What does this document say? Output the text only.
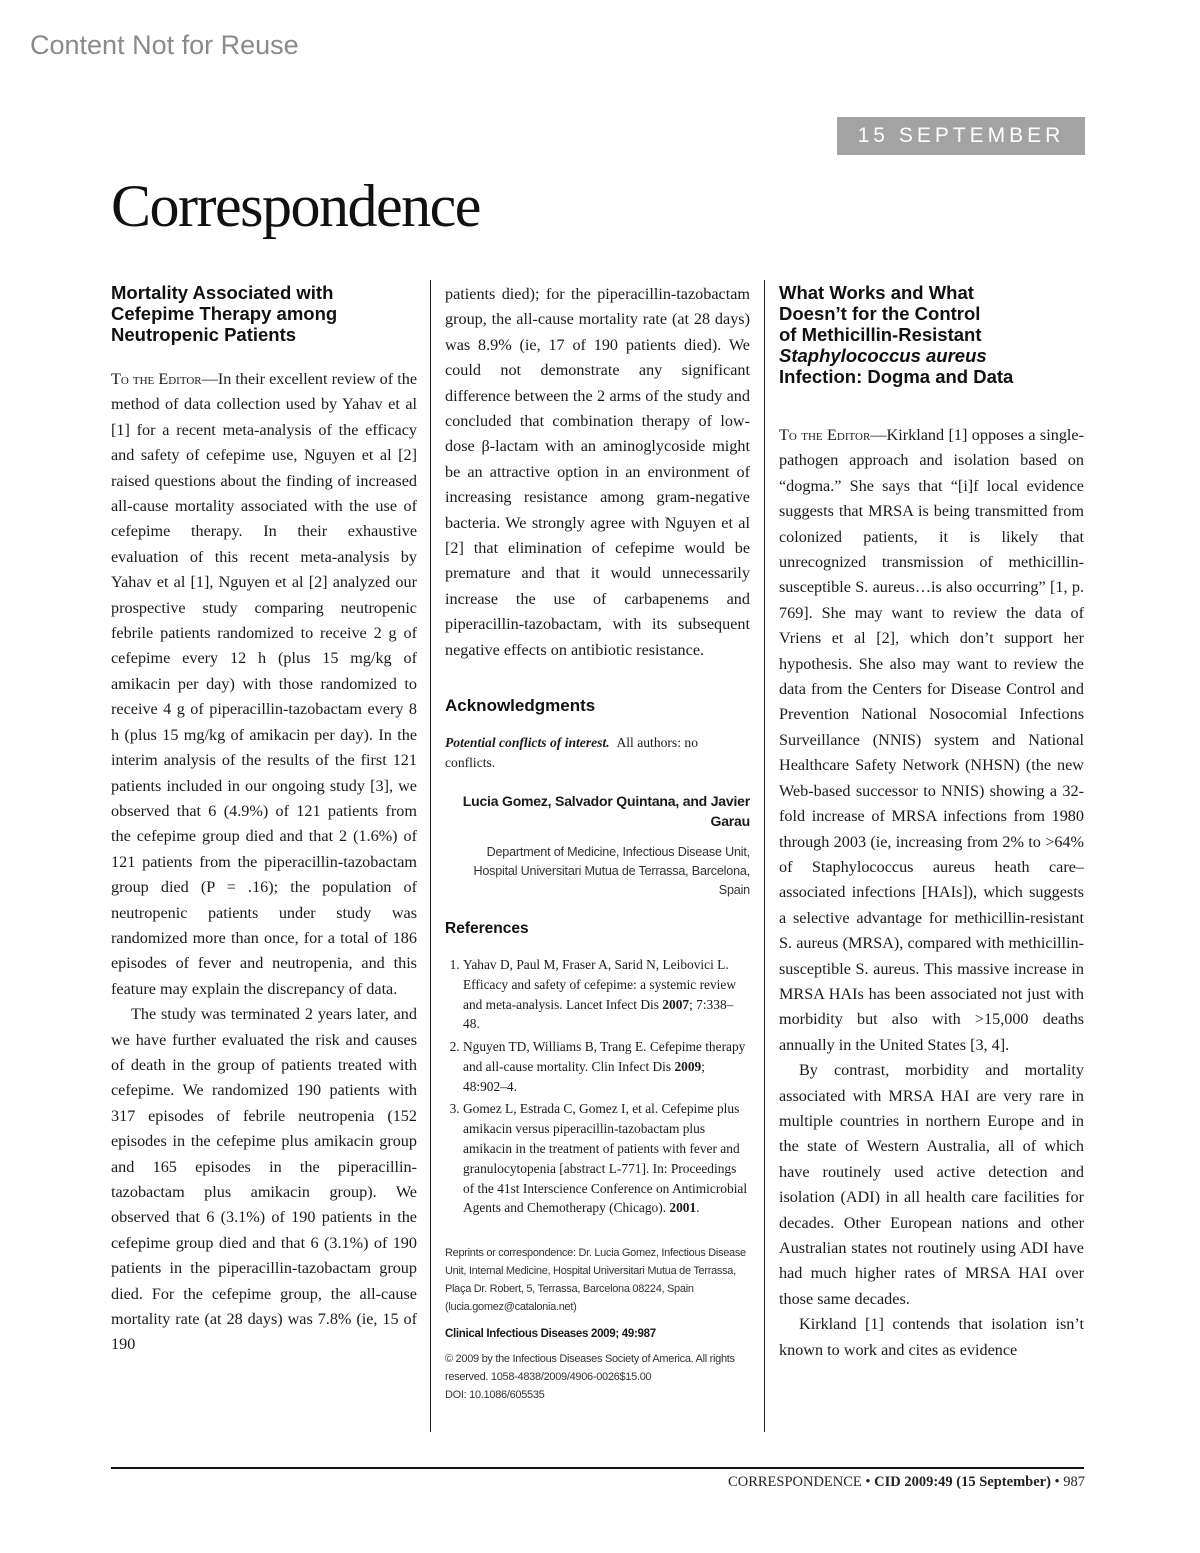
Content Not for Reuse
15 SEPTEMBER
Correspondence
Mortality Associated with Cefepime Therapy among Neutropenic Patients

To the Editor—In their excellent review of the method of data collection used by Yahav et al [1] for a recent meta-analysis of the efficacy and safety of cefepime use, Nguyen et al [2] raised questions about the finding of increased all-cause mortality associated with the use of cefepime therapy. In their exhaustive evaluation of this recent meta-analysis by Yahav et al [1], Nguyen et al [2] analyzed our prospective study comparing neutropenic febrile patients randomized to receive 2 g of cefepime every 12 h (plus 15 mg/kg of amikacin per day) with those randomized to receive 4 g of piperacillin-tazobactam every 8 h (plus 15 mg/kg of amikacin per day). In the interim analysis of the results of the first 121 patients included in our ongoing study [3], we observed that 6 (4.9%) of 121 patients from the cefepime group died and that 2 (1.6%) of 121 patients from the piperacillin-tazobactam group died (P = .16); the population of neutropenic patients under study was randomized more than once, for a total of 186 episodes of fever and neutropenia, and this feature may explain the discrepancy of data.

The study was terminated 2 years later, and we have further evaluated the risk and causes of death in the group of patients treated with cefepime. We randomized 190 patients with 317 episodes of febrile neutropenia (152 episodes in the cefepime plus amikacin group and 165 episodes in the piperacillin-tazobactam plus amikacin group). We observed that 6 (3.1%) of 190 patients in the cefepime group died and that 6 (3.1%) of 190 patients in the piperacillin-tazobactam group died. For the cefepime group, the all-cause mortality rate (at 28 days) was 7.8% (ie, 15 of 190

patients died); for the piperacillin-tazobactam group, the all-cause mortality rate (at 28 days) was 8.9% (ie, 17 of 190 patients died). We could not demonstrate any significant difference between the 2 arms of the study and concluded that combination therapy of low-dose β-lactam with an aminoglycoside might be an attractive option in an environment of increasing resistance among gram-negative bacteria. We strongly agree with Nguyen et al [2] that elimination of cefepime would be premature and that it would unnecessarily increase the use of carbapenems and piperacillin-tazobactam, with its subsequent negative effects on antibiotic resistance.

Acknowledgments

Potential conflicts of interest. All authors: no conflicts.

Lucia Gomez, Salvador Quintana, and Javier Garau

Department of Medicine, Infectious Disease Unit, Hospital Universitari Mutua de Terrassa, Barcelona, Spain

References
1. Yahav D, Paul M, Fraser A, Sarid N, Leibovici L. Efficacy and safety of cefepime: a systemic review and meta-analysis. Lancet Infect Dis 2007; 7:338–48.
2. Nguyen TD, Williams B, Trang E. Cefepime therapy and all-cause mortality. Clin Infect Dis 2009; 48:902–4.
3. Gomez L, Estrada C, Gomez I, et al. Cefepime plus amikacin versus piperacillin-tazobactam plus amikacin in the treatment of patients with fever and granulocytopenia [abstract L-771]. In: Proceedings of the 41st Interscience Conference on Antimicrobial Agents and Chemotherapy (Chicago). 2001.

Reprints or correspondence: Dr. Lucia Gomez, Infectious Disease Unit, Internal Medicine, Hospital Universitari Mutua de Terrassa, Plaça Dr. Robert, 5, Terrassa, Barcelona 08224, Spain (lucia.gomez@catalonia.net)

Clinical Infectious Diseases 2009; 49:987

© 2009 by the Infectious Diseases Society of America. All rights reserved. 1058-4838/2009/4906-0026$15.00

DOI: 10.1086/605535

What Works and What
Doesn’t for the Control
of Methicillin-Resistant
Staphylococcus aureus
Infection: Dogma and Data

To the Editor—Kirkland [1] opposes a single-pathogen approach and isolation based on “dogma.” She says that “[i]f local evidence suggests that MRSA is being transmitted from colonized patients, it is likely that unrecognized transmission of methicillin-susceptible S. aureus…is also occurring” [1, p. 769]. She may want to review the data of Vriens et al [2], which don’t support her hypothesis. She also may want to review the data from the Centers for Disease Control and Prevention National Nosocomial Infections Surveillance (NNIS) system and National Healthcare Safety Network (NHSN) (the new Web-based successor to NNIS) showing a 32-fold increase of MRSA infections from 1980 through 2003 (ie, increasing from 2% to >64% of Staphylococcus aureus heath care–associated infections [HAIs]), which suggests a selective advantage for methicillin-resistant S. aureus (MRSA), compared with methicillin-susceptible S. aureus. This massive increase in MRSA HAIs has been associated not just with morbidity but also with >15,000 deaths annually in the United States [3, 4].

By contrast, morbidity and mortality associated with MRSA HAI are very rare in multiple countries in northern Europe and in the state of Western Australia, all of which have routinely used active detection and isolation (ADI) in all health care facilities for decades. Other European nations and other Australian states not routinely using ADI have had much higher rates of MRSA HAI over those same decades.

Kirkland [1] contends that isolation isn’t known to work and cites as evidence

CORRESPONDENCE • CID 2009:49 (15 September) • 987
